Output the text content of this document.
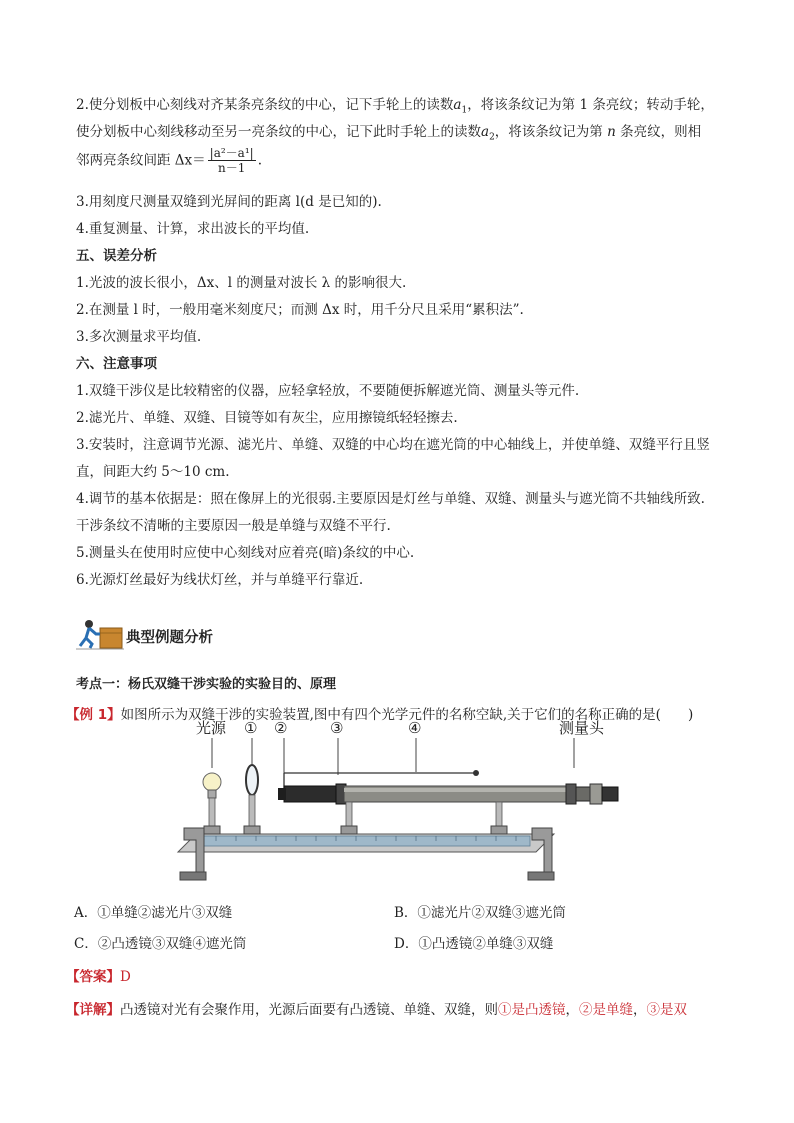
2.使分划板中心刻线对齐某条亮条纹的中心，记下手轮上的读数$a_1$，将该条纹记为第 1 条亮纹；转动手轮，
使分划板中心刻线移动至另一亮条纹的中心，记下此时手轮上的读数$a_2$，将该条纹记为第 n 条亮纹，则相
邻两亮条纹间距 $\Delta x= \frac{\text{|a²－a¹|}}{n-1}$ .
3.用刻度尺测量双缝到光屏间的距离 l(d 是已知的).
4.重复测量、计算，求出波长的平均值.
五、误差分析
1.光波的波长很小，Δx、l 的测量对波长 λ 的影响很大.
2.在测量 l 时，一般用毫米刻度尺；而测 Δx 时，用千分尺且采用“累积法”.
3.多次测量求平均值.
六、注意事项
1.双缝干涉仪是比较精密的仪器，应轻拿轻放，不要随便拆解遮光筒、测量头等元件.
2.滤光片、单缝、双缝、目镜等如有灰尘，应用擦镜纸轻轻擦去.
3.安装时，注意调节光源、滤光片、单缝、双缝的中心均在遮光筒的中心轴线上，并使单缝、双缝平行且竖
直，间距大约 5～10 cm.
4.调节的基本依据是：照在像屏上的光很弱.主要原因是灯丝与单缝、双缝、测量头与遮光筒不共轴线所致.
干涉条纹不清晰的主要原因一般是单缝与双缝不平行.
5.测量头在使用时应使中心刻线对应着亮(暗)条纹的中心.
6.光源灯丝最好为线状灯丝，并与单缝平行靠近.
典型例题分析
考点一：杨氏双缝干涉实验的实验目的、原理
【例 1】如图所示为双缝干涉的实验装置,图中有四个光学元件的名称空缺,关于它们的名称正确的是(　　)
光源 ① ②	③	④	测量头
A．①单缝②滤光片③双缝	B．①滤光片②双缝③遮光筒
C．②凸透镜③双缝④遮光筒	D．①凸透镜②单缝③双缝
【答案】D
【详解】凸透镜对光有会聚作用，光源后面要有凸透镜、单缝、双缝，则①是凸透镜，②是单缝，③是双
